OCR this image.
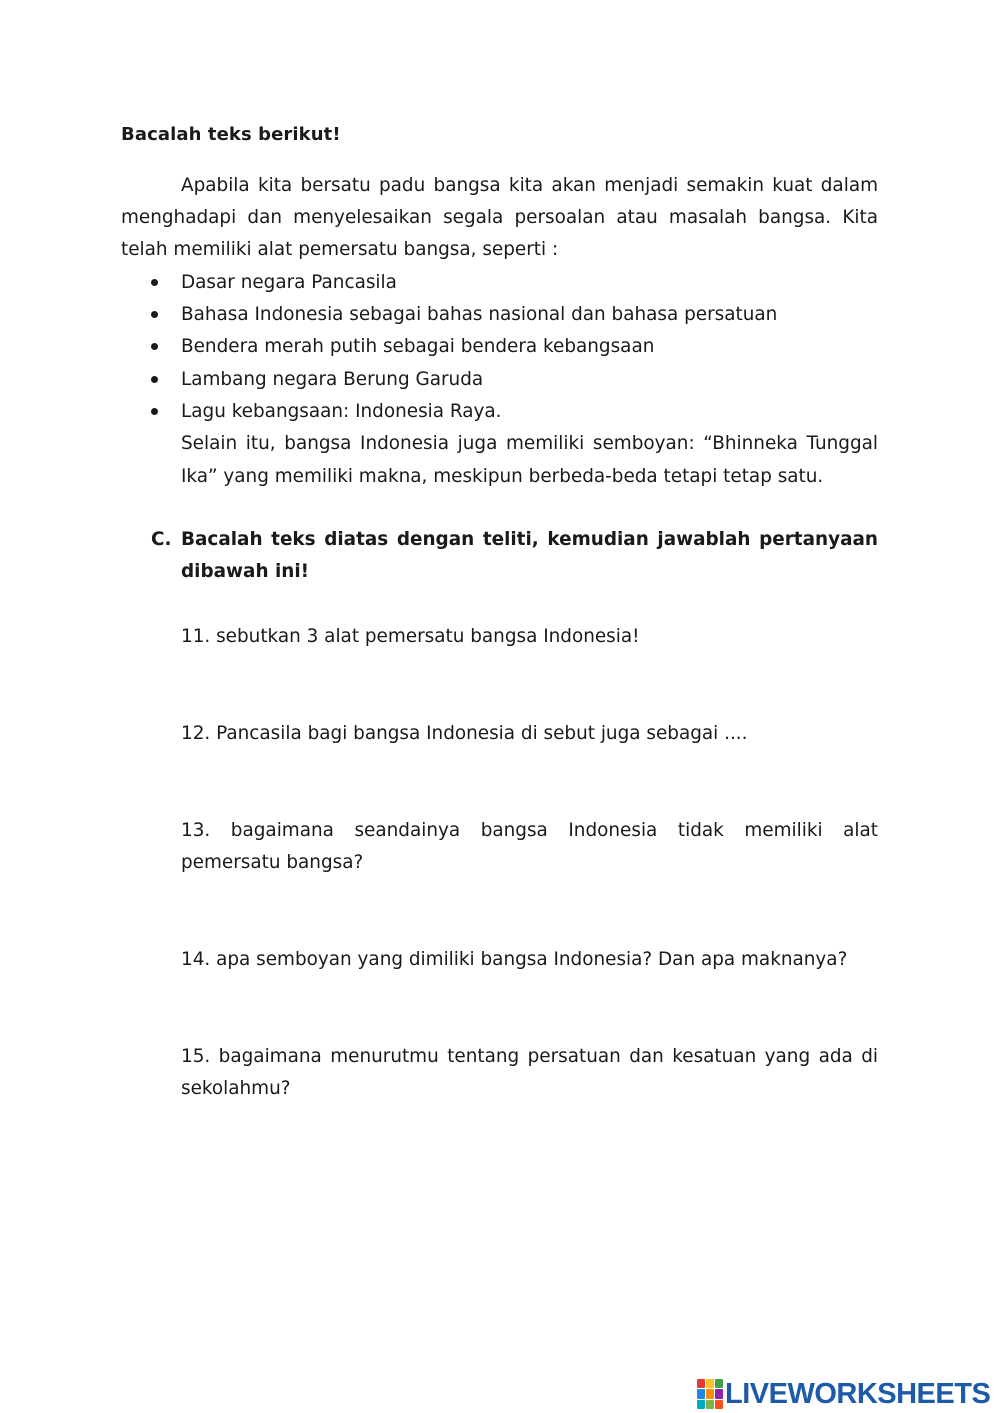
Bacalah teks berikut!

Apabila kita bersatu padu bangsa kita akan menjadi semakin kuat dalam menghadapi dan menyelesaikan segala persoalan atau masalah bangsa. Kita telah memiliki alat pemersatu bangsa, seperti :

Dasar negara Pancasila
Bahasa Indonesia sebagai bahas nasional dan bahasa persatuan
Bendera merah putih sebagai bendera kebangsaan
Lambang negara Berung Garuda
Lagu kebangsaan: Indonesia Raya.

Selain itu, bangsa Indonesia juga memiliki semboyan: “Bhinneka Tunggal Ika” yang memiliki makna, meskipun berbeda-beda tetapi tetap satu.

C. Bacalah teks diatas dengan teliti, kemudian jawablah pertanyaan dibawah ini!

11. sebutkan 3 alat pemersatu bangsa Indonesia!

12. Pancasila bagi bangsa Indonesia di sebut juga sebagai ....

13. bagaimana seandainya bangsa Indonesia tidak memiliki alat pemersatu bangsa?

14. apa semboyan yang dimiliki bangsa Indonesia? Dan apa maknanya?

15. bagaimana menurutmu tentang persatuan dan kesatuan yang ada di sekolahmu?

LIVEWORKSHEETS
